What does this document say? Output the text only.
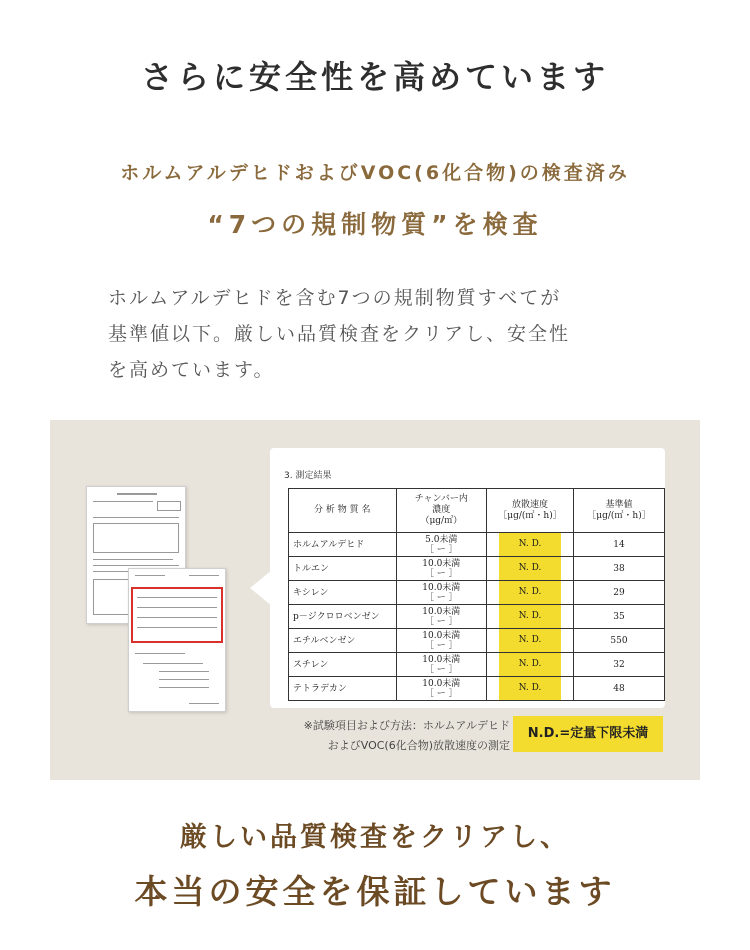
さらに安全性を高めています
ホルムアルデヒドおよびVOC(6化合物)の検査済み
“7つの規制物質”を検査
ホルムアルデヒドを含む7つの規制物質すべてが
基準値以下。厳しい品質検査をクリアし、安全性
を高めています。
3. 測定結果
分 析 物 質 名	チャンバー内
濃度
（μg/㎥）	放散速度
［μg/(㎡・h)］	基準値
［μg/(㎡・h)］
ホルムアルデヒド	5.0未満
［ ー ］	N. D.	14
トルエン	10.0未満
［ ー ］	N. D.	38
キシレン	10.0未満
［ ー ］	N. D.	29
p－ジクロロベンゼン	10.0未満
［ ー ］	N. D.	35
エチルベンゼン	10.0未満
［ ー ］	N. D.	550
スチレン	10.0未満
［ ー ］	N. D.	32
テトラデカン	10.0未満
［ ー ］	N. D.	48
※試験項目および方法：ホルムアルデヒド
およびVOC(6化合物)放散速度の測定
N.D.=定量下限未満
厳しい品質検査をクリアし、
本当の安全を保証しています
